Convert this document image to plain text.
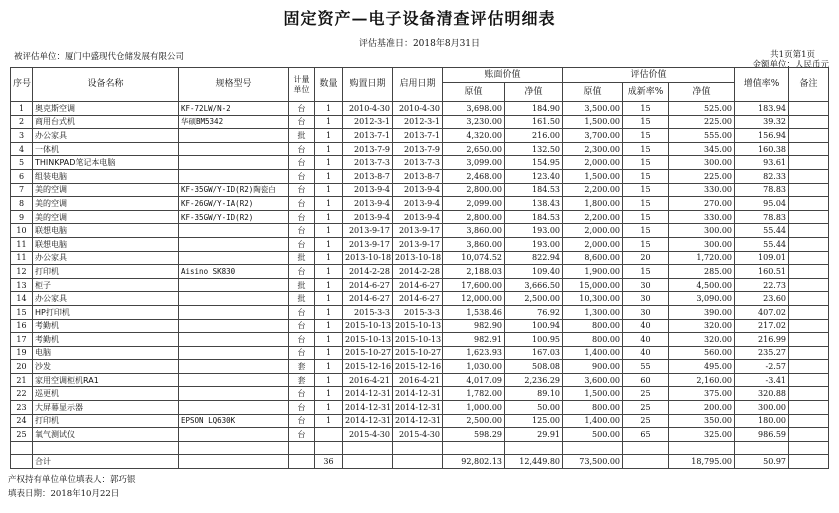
固定资产—电子设备清查评估明细表
评估基准日：2018年8月31日
被评估单位：厦门中盛现代仓储发展有限公司	共1页第1页
金额单位：人民币元
序号	设备名称	规格型号	计量单位	数量	购置日期	启用日期	账面价值		评估价值			增值率%	备注
							原值	净值	原值	成新率%	净值		
1	奥克斯空调	KF-72LW/N-2	台	1	2010-4-30	2010-4-30	3,698.00	184.90	3,500.00	15	525.00	183.94	
2	商用台式机	华硕BM5342	台	1	2012-3-1	2012-3-1	3,230.00	161.50	1,500.00	15	225.00	39.32	
3	办公家具		批	1	2013-7-1	2013-7-1	4,320.00	216.00	3,700.00	15	555.00	156.94	
4	一体机		台	1	2013-7-9	2013-7-9	2,650.00	132.50	2,300.00	15	345.00	160.38	
5	THINKPAD笔记本电脑		台	1	2013-7-3	2013-7-3	3,099.00	154.95	2,000.00	15	300.00	93.61	
6	组装电脑		台	1	2013-8-7	2013-8-7	2,468.00	123.40	1,500.00	15	225.00	82.33	
7	美的空调	KF-35GW/Y-ID(R2)陶瓷白	台	1	2013-9-4	2013-9-4	2,800.00	184.53	2,200.00	15	330.00	78.83	
8	美的空调	KF-26GW/Y-IA(R2)	台	1	2013-9-4	2013-9-4	2,099.00	138.43	1,800.00	15	270.00	95.04	
9	美的空调	KF-35GW/Y-ID(R2)	台	1	2013-9-4	2013-9-4	2,800.00	184.53	2,200.00	15	330.00	78.83	
10	联想电脑		台	1	2013-9-17	2013-9-17	3,860.00	193.00	2,000.00	15	300.00	55.44	
11	联想电脑		台	1	2013-9-17	2013-9-17	3,860.00	193.00	2,000.00	15	300.00	55.44	
11	办公家具		批	1	2013-10-18	2013-10-18	10,074.52	822.94	8,600.00	20	1,720.00	109.01	
12	打印机	Aisino SK830	台	1	2014-2-28	2014-2-28	2,188.03	109.40	1,900.00	15	285.00	160.51	
13	柜子		批	1	2014-6-27	2014-6-27	17,600.00	3,666.50	15,000.00	30	4,500.00	22.73	
14	办公家具		批	1	2014-6-27	2014-6-27	12,000.00	2,500.00	10,300.00	30	3,090.00	23.60	
15	HP打印机		台	1	2015-3-3	2015-3-3	1,538.46	76.92	1,300.00	30	390.00	407.02	
16	考勤机		台	1	2015-10-13	2015-10-13	982.90	100.94	800.00	40	320.00	217.02	
17	考勤机		台	1	2015-10-13	2015-10-13	982.91	100.95	800.00	40	320.00	216.99	
19	电脑		台	1	2015-10-27	2015-10-27	1,623.93	167.03	1,400.00	40	560.00	235.27	
20	沙发		套	1	2015-12-16	2015-12-16	1,030.00	508.08	900.00	55	495.00	-2.57	
21	家用空调柜机RA1		套	1	2016-4-21	2016-4-21	4,017.09	2,236.29	3,600.00	60	2,160.00	-3.41	
22	巡更机		台	1	2014-12-31	2014-12-31	1,782.00	89.10	1,500.00	25	375.00	320.88	
23	大屏幕显示器		台	1	2014-12-31	2014-12-31	1,000.00	50.00	800.00	25	200.00	300.00	
24	打印机	EPSON LQ630K	台	1	2014-12-31	2014-12-31	2,500.00	125.00	1,400.00	25	350.00	180.00	
25	氧气测试仪		台		2015-4-30	2015-4-30	598.29	29.91	500.00	65	325.00	986.59	

	合计			36			92,802.13	12,449.80	73,500.00		18,795.00	50.97	
产权持有单位单位填表人：郭巧银
填表日期：2018年10月22日
